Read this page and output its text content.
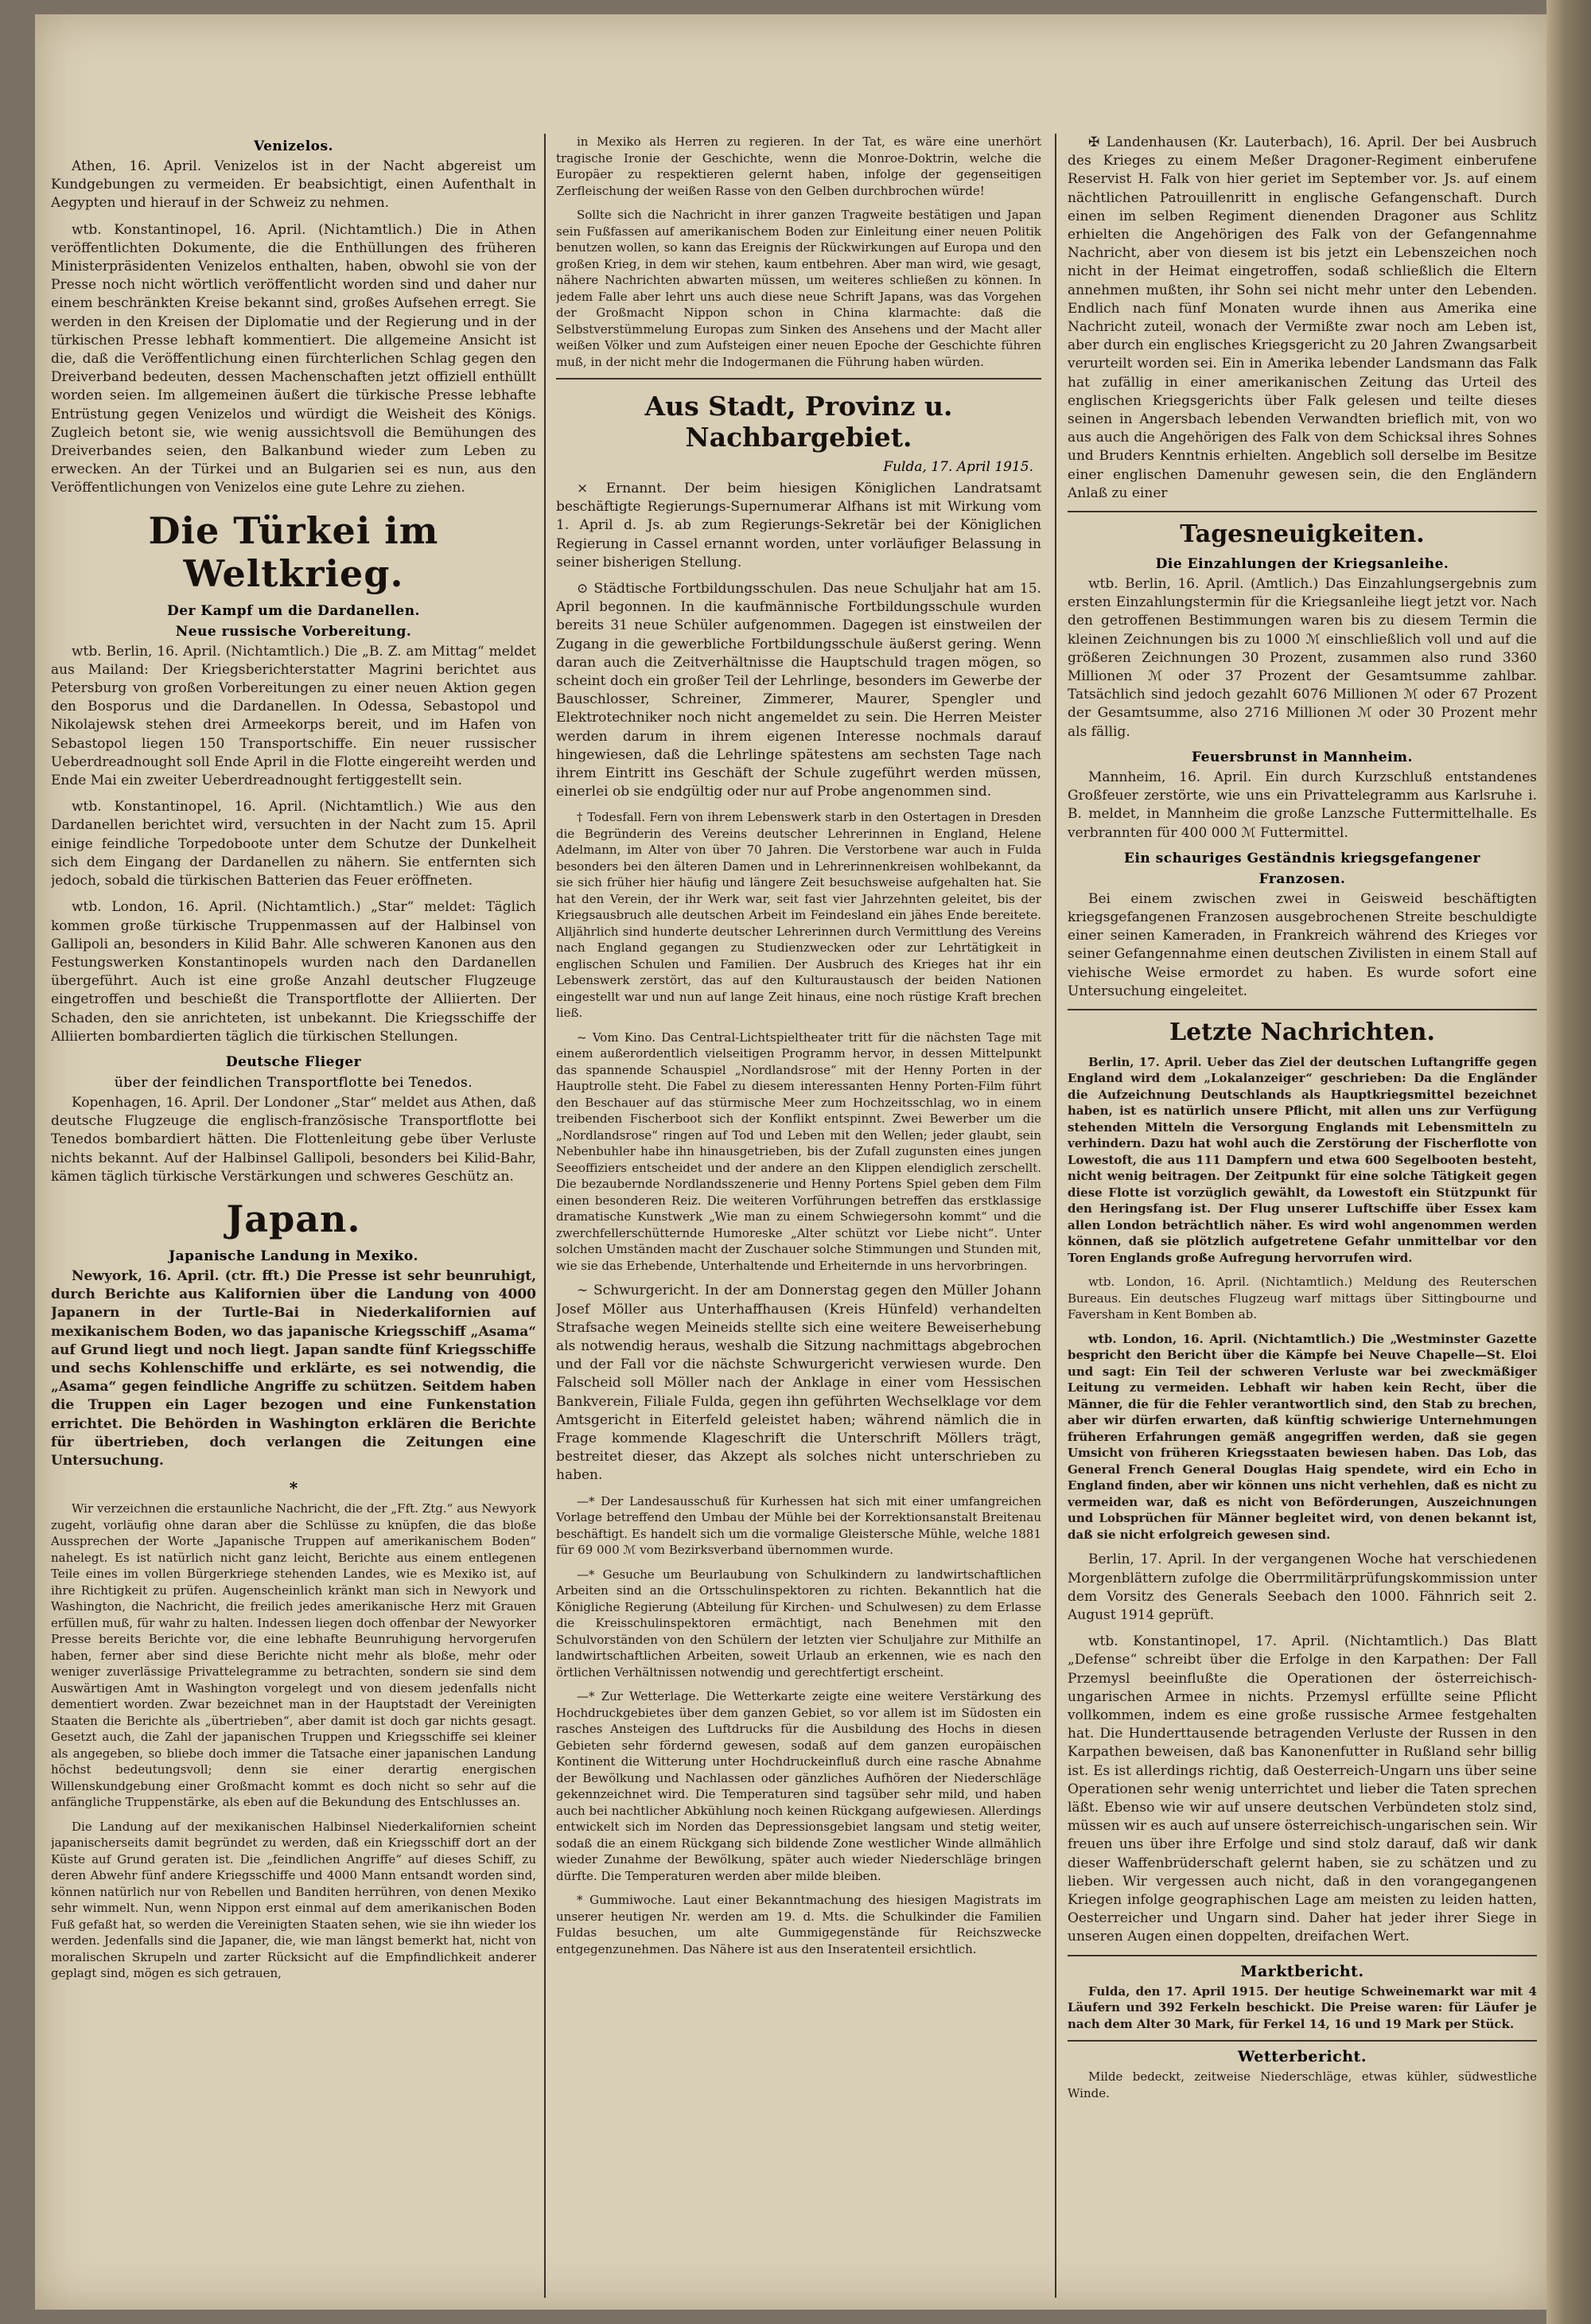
Venizelos.

Athen, 16. April. Venizelos ist in der Nacht abgereist um Kundgebungen zu vermeiden. Er beabsichtigt, einen Aufenthalt in Aegypten und hierauf in der Schweiz zu nehmen.

wtb. Konstantinopel, 16. April. (Nichtamtlich.) Die in Athen veröffentlichten Dokumente, die die Enthüllungen des früheren Ministerpräsidenten Venizelos enthalten, haben, obwohl sie von der Presse noch nicht wörtlich veröffentlicht worden sind und daher nur einem beschränkten Kreise bekannt sind, großes Aufsehen erregt. Sie werden in den Kreisen der Diplomatie und der Regierung und in der türkischen Presse lebhaft kommentiert. Die allgemeine Ansicht ist die, daß die Veröffentlichung einen fürchterlichen Schlag gegen den Dreiverband bedeuten, dessen Machenschaften jetzt offiziell enthüllt worden seien. Im allgemeinen äußert die türkische Presse lebhafte Entrüstung gegen Venizelos und würdigt die Weisheit des Königs. Zugleich betont sie, wie wenig aussichtsvoll die Bemühungen des Dreiverbandes seien, den Balkanbund wieder zum Leben zu erwecken. An der Türkei und an Bulgarien sei es nun, aus den Veröffentlichungen von Venizelos eine gute Lehre zu ziehen.

Die Türkei im Weltkrieg.
Der Kampf um die Dardanellen.
Neue russische Vorbereitung.

wtb. Berlin, 16. April. (Nichtamtlich.) Die „B. Z. am Mittag“ meldet aus Mailand: Der Kriegsberichterstatter Magrini berichtet aus Petersburg von großen Vorbereitungen zu einer neuen Aktion gegen den Bosporus und die Dardanellen. In Odessa, Sebastopol und Nikolajewsk stehen drei Armeekorps bereit, und im Hafen von Sebastopol liegen 150 Transportschiffe. Ein neuer russischer Ueberdreadnought soll Ende April in die Flotte eingereiht werden und Ende Mai ein zweiter Ueberdreadnought fertiggestellt sein.

wtb. Konstantinopel, 16. April. (Nichtamtlich.) Wie aus den Dardanellen berichtet wird, versuchten in der Nacht zum 15. April einige feindliche Torpedoboote unter dem Schutze der Dunkelheit sich dem Eingang der Dardanellen zu nähern. Sie entfernten sich jedoch, sobald die türkischen Batterien das Feuer eröffneten.

wtb. London, 16. April. (Nichtamtlich.) „Star“ meldet: Täglich kommen große türkische Truppenmassen auf der Halbinsel von Gallipoli an, besonders in Kilid Bahr. Alle schweren Kanonen aus den Festungswerken Konstantinopels wurden nach den Dardanellen übergeführt. Auch ist eine große Anzahl deutscher Flugzeuge eingetroffen und beschießt die Transportflotte der Alliierten. Der Schaden, den sie anrichteten, ist unbekannt. Die Kriegsschiffe der Alliierten bombardierten täglich die türkischen Stellungen.

Deutsche Flieger
über der feindlichen Transportflotte bei Tenedos.

Kopenhagen, 16. April. Der Londoner „Star“ meldet aus Athen, daß deutsche Flugzeuge die englisch-französische Transportflotte bei Tenedos bombardiert hätten. Die Flottenleitung gebe über Verluste nichts bekannt. Auf der Halbinsel Gallipoli, besonders bei Kilid-Bahr, kämen täglich türkische Verstärkungen und schweres Geschütz an.

Japan.
Japanische Landung in Mexiko.

Newyork, 16. April. (ctr. fft.) Die Presse ist sehr beunruhigt, durch Berichte aus Kalifornien über die Landung von 4000 Japanern in der Turtle-Bai in Niederkalifornien auf mexikanischem Boden, wo das japanische Kriegsschiff „Asama“ auf Grund liegt und noch liegt. Japan sandte fünf Kriegsschiffe und sechs Kohlenschiffe und erklärte, es sei notwendig, die „Asama“ gegen feindliche Angriffe zu schützen. Seitdem haben die Truppen ein Lager bezogen und eine Funkenstation errichtet. Die Behörden in Washington erklären die Berichte für übertrieben, doch verlangen die Zeitungen eine Untersuchung.

*

Wir verzeichnen die erstaunliche Nachricht, die der „Fft. Ztg.“ aus Newyork zugeht, vorläufig ohne daran aber die Schlüsse zu knüpfen, die das bloße Aussprechen der Worte „Japanische Truppen auf amerikanischem Boden“ nahelegt. Es ist natürlich nicht ganz leicht, Berichte aus einem entlegenen Teile eines im vollen Bürgerkriege stehenden Landes, wie es Mexiko ist, auf ihre Richtigkeit zu prüfen. Augenscheinlich kränkt man sich in Newyork und Washington, die Nachricht, die freilich jedes amerikanische Herz mit Grauen erfüllen muß, für wahr zu halten. Indessen liegen doch offenbar der Newyorker Presse bereits Berichte vor, die eine lebhafte Beunruhigung hervorgerufen haben, ferner aber sind diese Berichte nicht mehr als bloße, mehr oder weniger zuverlässige Privattelegramme zu betrachten, sondern sie sind dem Auswärtigen Amt in Washington vorgelegt und von diesem jedenfalls nicht dementiert worden. Zwar bezeichnet man in der Hauptstadt der Vereinigten Staaten die Berichte als „übertrieben“, aber damit ist doch gar nichts gesagt. Gesetzt auch, die Zahl der japanischen Truppen und Kriegsschiffe sei kleiner als angegeben, so bliebe doch immer die Tatsache einer japanischen Landung höchst bedeutungsvoll; denn sie einer derartig energischen Willenskundgebung einer Großmacht kommt es doch nicht so sehr auf die anfängliche Truppenstärke, als eben auf die Bekundung des Entschlusses an.

Die Landung auf der mexikanischen Halbinsel Niederkalifornien scheint japanischerseits damit begründet zu werden, daß ein Kriegsschiff dort an der Küste auf Grund geraten ist. Die „feindlichen Angriffe“ auf dieses Schiff, zu deren Abwehr fünf andere Kriegsschiffe und 4000 Mann entsandt worden sind, können natürlich nur von Rebellen und Banditen herrühren, von denen Mexiko sehr wimmelt. Nun, wenn Nippon erst einmal auf dem amerikanischen Boden Fuß gefaßt hat, so werden die Vereinigten Staaten sehen, wie sie ihn wieder los werden. Jedenfalls sind die Japaner, die, wie man längst bemerkt hat, nicht von moralischen Skrupeln und zarter Rücksicht auf die Empfindlichkeit anderer geplagt sind, mögen es sich getrauen,

in Mexiko als Herren zu regieren. In der Tat, es wäre eine unerhört tragische Ironie der Geschichte, wenn die Monroe-Doktrin, welche die Europäer zu respektieren gelernt haben, infolge der gegenseitigen Zerfleischung der weißen Rasse von den Gelben durchbrochen würde!

Sollte sich die Nachricht in ihrer ganzen Tragweite bestätigen und Japan sein Fußfassen auf amerikanischem Boden zur Einleitung einer neuen Politik benutzen wollen, so kann das Ereignis der Rückwirkungen auf Europa und den großen Krieg, in dem wir stehen, kaum entbehren. Aber man wird, wie gesagt, nähere Nachrichten abwarten müssen, um weiteres schließen zu können. In jedem Falle aber lehrt uns auch diese neue Schrift Japans, was das Vorgehen der Großmacht Nippon schon in China klarmachte: daß die Selbstverstümmelung Europas zum Sinken des Ansehens und der Macht aller weißen Völker und zum Aufsteigen einer neuen Epoche der Geschichte führen muß, in der nicht mehr die Indogermanen die Führung haben würden.

Aus Stadt, Provinz u. Nachbargebiet.
Fulda, 17. April 1915.

× Ernannt. Der beim hiesigen Königlichen Landratsamt beschäftigte Regierungs-Supernumerar Alfhans ist mit Wirkung vom 1. April d. Js. ab zum Regierungs-Sekretär bei der Königlichen Regierung in Cassel ernannt worden, unter vorläufiger Belassung in seiner bisherigen Stellung.

⊙ Städtische Fortbildungsschulen. Das neue Schuljahr hat am 15. April begonnen. In die kaufmännische Fortbildungsschule wurden bereits 31 neue Schüler aufgenommen. Dagegen ist einstweilen der Zugang in die gewerbliche Fortbildungsschule äußerst gering. Wenn daran auch die Zeitverhältnisse die Hauptschuld tragen mögen, so scheint doch ein großer Teil der Lehrlinge, besonders im Gewerbe der Bauschlosser, Schreiner, Zimmerer, Maurer, Spengler und Elektrotechniker noch nicht angemeldet zu sein. Die Herren Meister werden darum in ihrem eigenen Interesse nochmals darauf hingewiesen, daß die Lehrlinge spätestens am sechsten Tage nach ihrem Eintritt ins Geschäft der Schule zugeführt werden müssen, einerlei ob sie endgültig oder nur auf Probe angenommen sind.

† Todesfall. Fern von ihrem Lebenswerk starb in den Ostertagen in Dresden die Begründerin des Vereins deutscher Lehrerinnen in England, Helene Adelmann, im Alter von über 70 Jahren. Die Verstorbene war auch in Fulda besonders bei den älteren Damen und in Lehrerinnenkreisen wohlbekannt, da sie sich früher hier häufig und längere Zeit besuchsweise aufgehalten hat. Sie hat den Verein, der ihr Werk war, seit fast vier Jahrzehnten geleitet, bis der Kriegsausbruch alle deutschen Arbeit im Feindesland ein jähes Ende bereitete. Alljährlich sind hunderte deutscher Lehrerinnen durch Vermittlung des Vereins nach England gegangen zu Studienzwecken oder zur Lehrtätigkeit in englischen Schulen und Familien. Der Ausbruch des Krieges hat ihr ein Lebenswerk zerstört, das auf den Kulturaustausch der beiden Nationen eingestellt war und nun auf lange Zeit hinaus, eine noch rüstige Kraft brechen ließ.

~ Vom Kino. Das Central-Lichtspieltheater tritt für die nächsten Tage mit einem außerordentlich vielseitigen Programm hervor, in dessen Mittelpunkt das spannende Schauspiel „Nordlandsrose“ mit der Henny Porten in der Hauptrolle steht. Die Fabel zu diesem interessanten Henny Porten-Film führt den Beschauer auf das stürmische Meer zum Hochzeitsschlag, wo in einem treibenden Fischerboot sich der Konflikt entspinnt. Zwei Bewerber um die „Nordlandsrose“ ringen auf Tod und Leben mit den Wellen; jeder glaubt, sein Nebenbuhler habe ihn hinausgetrieben, bis der Zufall zugunsten eines jungen Seeoffiziers entscheidet und der andere an den Klippen elendiglich zerschellt. Die bezaubernde Nordlandsszenerie und Henny Portens Spiel geben dem Film einen besonderen Reiz. Die weiteren Vorführungen betreffen das erstklassige dramatische Kunstwerk „Wie man zu einem Schwiegersohn kommt“ und die zwerchfellerschütternde Humoreske „Alter schützt vor Liebe nicht“. Unter solchen Umständen macht der Zuschauer solche Stimmungen und Stunden mit, wie sie das Erhebende, Unterhaltende und Erheiternde in uns hervorbringen.

∼ Schwurgericht. In der am Donnerstag gegen den Müller Johann Josef Möller aus Unterhaffhausen (Kreis Hünfeld) verhandelten Strafsache wegen Meineids stellte sich eine weitere Beweiserhebung als notwendig heraus, weshalb die Sitzung nachmittags abgebrochen und der Fall vor die nächste Schwurgericht verwiesen wurde. Den Falscheid soll Möller nach der Anklage in einer vom Hessischen Bankverein, Filiale Fulda, gegen ihn geführten Wechselklage vor dem Amtsgericht in Eiterfeld geleistet haben; während nämlich die in Frage kommende Klageschrift die Unterschrift Möllers trägt, bestreitet dieser, das Akzept als solches nicht unterschrieben zu haben.

—* Der Landesausschuß für Kurhessen hat sich mit einer umfangreichen Vorlage betreffend den Umbau der Mühle bei der Korrektionsanstalt Breitenau beschäftigt. Es handelt sich um die vormalige Gleistersche Mühle, welche 1881 für 69 000 ℳ vom Bezirksverband übernommen wurde.

—* Gesuche um Beurlaubung von Schulkindern zu landwirtschaftlichen Arbeiten sind an die Ortsschulinspektoren zu richten. Bekanntlich hat die Königliche Regierung (Abteilung für Kirchen- und Schulwesen) zu dem Erlasse die Kreisschulinspektoren ermächtigt, nach Benehmen mit den Schulvorständen von den Schülern der letzten vier Schuljahre zur Mithilfe an landwirtschaftlichen Arbeiten, soweit Urlaub an erkennen, wie es nach den örtlichen Verhältnissen notwendig und gerechtfertigt erscheint.

—* Zur Wetterlage. Die Wetterkarte zeigte eine weitere Verstärkung des Hochdruckgebietes über dem ganzen Gebiet, so vor allem ist im Südosten ein rasches Ansteigen des Luftdrucks für die Ausbildung des Hochs in diesen Gebieten sehr fördernd gewesen, sodaß auf dem ganzen europäischen Kontinent die Witterung unter Hochdruckeinfluß durch eine rasche Abnahme der Bewölkung und Nachlassen oder gänzliches Aufhören der Niederschläge gekennzeichnet wird. Die Temperaturen sind tagsüber sehr mild, und haben auch bei nachtlicher Abkühlung noch keinen Rückgang aufgewiesen. Allerdings entwickelt sich im Norden das Depressionsgebiet langsam und stetig weiter, sodaß die an einem Rückgang sich bildende Zone westlicher Winde allmählich wieder Zunahme der Bewölkung, später auch wieder Niederschläge bringen dürfte. Die Temperaturen werden aber milde bleiben.

* Gummiwoche. Laut einer Bekanntmachung des hiesigen Magistrats im unserer heutigen Nr. werden am 19. d. Mts. die Schulkinder die Familien Fuldas besuchen, um alte Gummigegenstände für Reichszwecke entgegenzunehmen. Das Nähere ist aus den Inseratenteil ersichtlich.

✠ Landenhausen (Kr. Lauterbach), 16. April. Der bei Ausbruch des Krieges zu einem Meßer Dragoner-Regiment einberufene Reservist H. Falk von hier geriet im September vor. Js. auf einem nächtlichen Patrouillenritt in englische Gefangenschaft. Durch einen im selben Regiment dienenden Dragoner aus Schlitz erhielten die Angehörigen des Falk von der Gefangennahme Nachricht, aber von diesem ist bis jetzt ein Lebenszeichen noch nicht in der Heimat eingetroffen, sodaß schließlich die Eltern annehmen mußten, ihr Sohn sei nicht mehr unter den Lebenden. Endlich nach fünf Monaten wurde ihnen aus Amerika eine Nachricht zuteil, wonach der Vermißte zwar noch am Leben ist, aber durch ein englisches Kriegsgericht zu 20 Jahren Zwangsarbeit verurteilt worden sei. Ein in Amerika lebender Landsmann das Falk hat zufällig in einer amerikanischen Zeitung das Urteil des englischen Kriegsgerichts über Falk gelesen und teilte dieses seinen in Angersbach lebenden Verwandten brieflich mit, von wo aus auch die Angehörigen des Falk von dem Schicksal ihres Sohnes und Bruders Kenntnis erhielten. Angeblich soll derselbe im Besitze einer englischen Damenuhr gewesen sein, die den Engländern Anlaß zu einer

Tagesneuigkeiten.
Die Einzahlungen der Kriegsanleihe.

wtb. Berlin, 16. April. (Amtlich.) Das Einzahlungsergebnis zum ersten Einzahlungstermin für die Kriegsanleihe liegt jetzt vor. Nach den getroffenen Bestimmungen waren bis zu diesem Termin die kleinen Zeichnungen bis zu 1000 ℳ einschließlich voll und auf die größeren Zeichnungen 30 Prozent, zusammen also rund 3360 Millionen ℳ oder 37 Prozent der Gesamtsumme zahlbar. Tatsächlich sind jedoch gezahlt 6076 Millionen ℳ oder 67 Prozent der Gesamtsumme, also 2716 Millionen ℳ oder 30 Prozent mehr als fällig.

Feuersbrunst in Mannheim.

Mannheim, 16. April. Ein durch Kurzschluß entstandenes Großfeuer zerstörte, wie uns ein Privattelegramm aus Karlsruhe i. B. meldet, in Mannheim die große Lanzsche Futtermittelhalle. Es verbrannten für 400 000 ℳ Futtermittel.

Ein schauriges Geständnis kriegsgefangener
Franzosen.

Bei einem zwischen zwei in Geisweid beschäftigten kriegsgefangenen Franzosen ausgebrochenen Streite beschuldigte einer seinen Kameraden, in Frankreich während des Krieges vor seiner Gefangennahme einen deutschen Zivilisten in einem Stall auf viehische Weise ermordet zu haben. Es wurde sofort eine Untersuchung eingeleitet.

Letzte Nachrichten.

Berlin, 17. April. Ueber das Ziel der deutschen Luftangriffe gegen England wird dem „Lokalanzeiger“ geschrieben: Da die Engländer die Aufzeichnung Deutschlands als Hauptkriegsmittel bezeichnet haben, ist es natürlich unsere Pflicht, mit allen uns zur Verfügung stehenden Mitteln die Versorgung Englands mit Lebensmitteln zu verhindern. Dazu hat wohl auch die Zerstörung der Fischerflotte von Lowestoft, die aus 111 Dampfern und etwa 600 Segelbooten besteht, nicht wenig beitragen. Der Zeitpunkt für eine solche Tätigkeit gegen diese Flotte ist vorzüglich gewählt, da Lowestoft ein Stützpunkt für den Heringsfang ist. Der Flug unserer Luftschiffe über Essex kam allen London beträchtlich näher. Es wird wohl angenommen werden können, daß sie plötzlich aufgetretene Gefahr unmittelbar vor den Toren Englands große Aufregung hervorrufen wird.

wtb. London, 16. April. (Nichtamtlich.) Meldung des Reuterschen Bureaus. Ein deutsches Flugzeug warf mittags über Sittingbourne und Faversham in Kent Bomben ab.

wtb. London, 16. April. (Nichtamtlich.) Die „Westminster Gazette bespricht den Bericht über die Kämpfe bei Neuve Chapelle—St. Eloi und sagt: Ein Teil der schweren Verluste war bei zweckmäßiger Leitung zu vermeiden. Lebhaft wir haben kein Recht, über die Männer, die für die Fehler verantwortlich sind, den Stab zu brechen, aber wir dürfen erwarten, daß künftig schwierige Unternehmungen früheren Erfahrungen gemäß angegriffen werden, daß sie gegen Umsicht von früheren Kriegsstaaten bewiesen haben. Das Lob, das General French General Douglas Haig spendete, wird ein Echo in England finden, aber wir können uns nicht verhehlen, daß es nicht zu vermeiden war, daß es nicht von Beförderungen, Auszeichnungen und Lobsprüchen für Männer begleitet wird, von denen bekannt ist, daß sie nicht erfolgreich gewesen sind.

Berlin, 17. April. In der vergangenen Woche hat verschiedenen Morgenblättern zufolge die Oberrmilitärprüfungskommission unter dem Vorsitz des Generals Seebach den 1000. Fähnrich seit 2. August 1914 geprüft.

wtb. Konstantinopel, 17. April. (Nichtamtlich.) Das Blatt „Defense“ schreibt über die Erfolge in den Karpathen: Der Fall Przemysl beeinflußte die Operationen der österreichisch-ungarischen Armee in nichts. Przemysl erfüllte seine Pflicht vollkommen, indem es eine große russische Armee festgehalten hat. Die Hunderttausende betragenden Verluste der Russen in den Karpathen beweisen, daß bas Kanonenfutter in Rußland sehr billig ist. Es ist allerdings richtig, daß Oesterreich-Ungarn uns über seine Operationen sehr wenig unterrichtet und lieber die Taten sprechen läßt. Ebenso wie wir auf unsere deutschen Verbündeten stolz sind, müssen wir es auch auf unsere österreichisch-ungarischen sein. Wir freuen uns über ihre Erfolge und sind stolz darauf, daß wir dank dieser Waffenbrüderschaft gelernt haben, sie zu schätzen und zu lieben. Wir vergessen auch nicht, daß in den vorangegangenen Kriegen infolge geographischen Lage am meisten zu leiden hatten, Oesterreicher und Ungarn sind. Daher hat jeder ihrer Siege in unseren Augen einen doppelten, dreifachen Wert.

Marktbericht.

Fulda, den 17. April 1915. Der heutige Schweinemarkt war mit 4 Läufern und 392 Ferkeln beschickt. Die Preise waren: für Läufer je nach dem Alter 30 Mark, für Ferkel 14, 16 und 19 Mark per Stück.

Wetterbericht.

Milde bedeckt, zeitweise Niederschläge, etwas kühler, südwestliche Winde.
